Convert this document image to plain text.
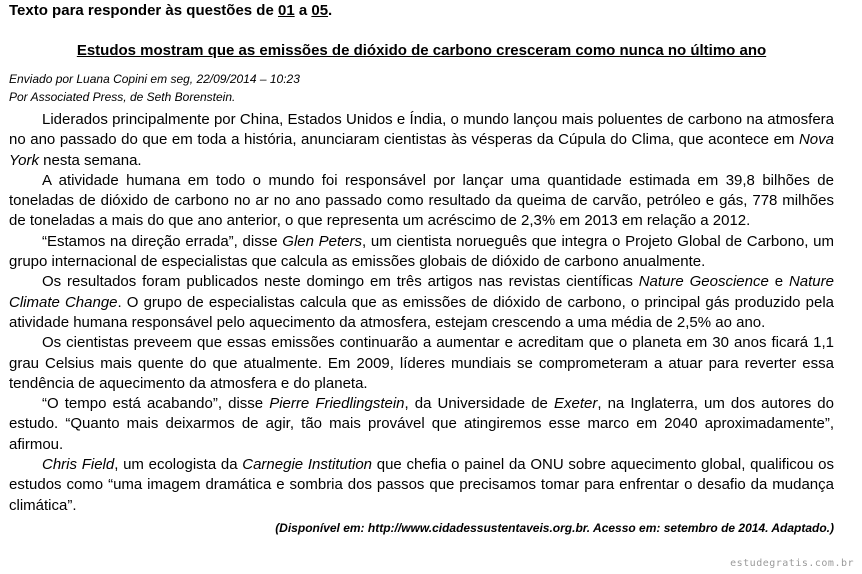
Texto para responder às questões de 01 a 05.
Estudos mostram que as emissões de dióxido de carbono cresceram como nunca no último ano
Enviado por Luana Copini em seg, 22/09/2014 – 10:23
Por Associated Press, de Seth Borenstein.

Liderados principalmente por China, Estados Unidos e Índia, o mundo lançou mais poluentes de carbono na atmosfera no ano passado do que em toda a história, anunciaram cientistas às vésperas da Cúpula do Clima, que acontece em Nova York nesta semana.

A atividade humana em todo o mundo foi responsável por lançar uma quantidade estimada em 39,8 bilhões de toneladas de dióxido de carbono no ar no ano passado como resultado da queima de carvão, petróleo e gás, 778 milhões de toneladas a mais do que ano anterior, o que representa um acréscimo de 2,3% em 2013 em relação a 2012.

“Estamos na direção errada”, disse Glen Peters, um cientista norueguês que integra o Projeto Global de Carbono, um grupo internacional de especialistas que calcula as emissões globais de dióxido de carbono anualmente.

Os resultados foram publicados neste domingo em três artigos nas revistas científicas Nature Geoscience e Nature Climate Change. O grupo de especialistas calcula que as emissões de dióxido de carbono, o principal gás produzido pela atividade humana responsável pelo aquecimento da atmosfera, estejam crescendo a uma média de 2,5% ao ano.

Os cientistas preveem que essas emissões continuarão a aumentar e acreditam que o planeta em 30 anos ficará 1,1 grau Celsius mais quente do que atualmente. Em 2009, líderes mundiais se comprometeram a atuar para reverter essa tendência de aquecimento da atmosfera e do planeta.

“O tempo está acabando”, disse Pierre Friedlingstein, da Universidade de Exeter, na Inglaterra, um dos autores do estudo. “Quanto mais deixarmos de agir, tão mais provável que atingiremos esse marco em 2040 aproximadamente”, afirmou.

Chris Field, um ecologista da Carnegie Institution que chefia o painel da ONU sobre aquecimento global, qualificou os estudos como “uma imagem dramática e sombria dos passos que precisamos tomar para enfrentar o desafio da mudança climática”.

(Disponível em: http://www.cidadessustentaveis.org.br. Acesso em: setembro de 2014. Adaptado.)
estudegratis.com.br
